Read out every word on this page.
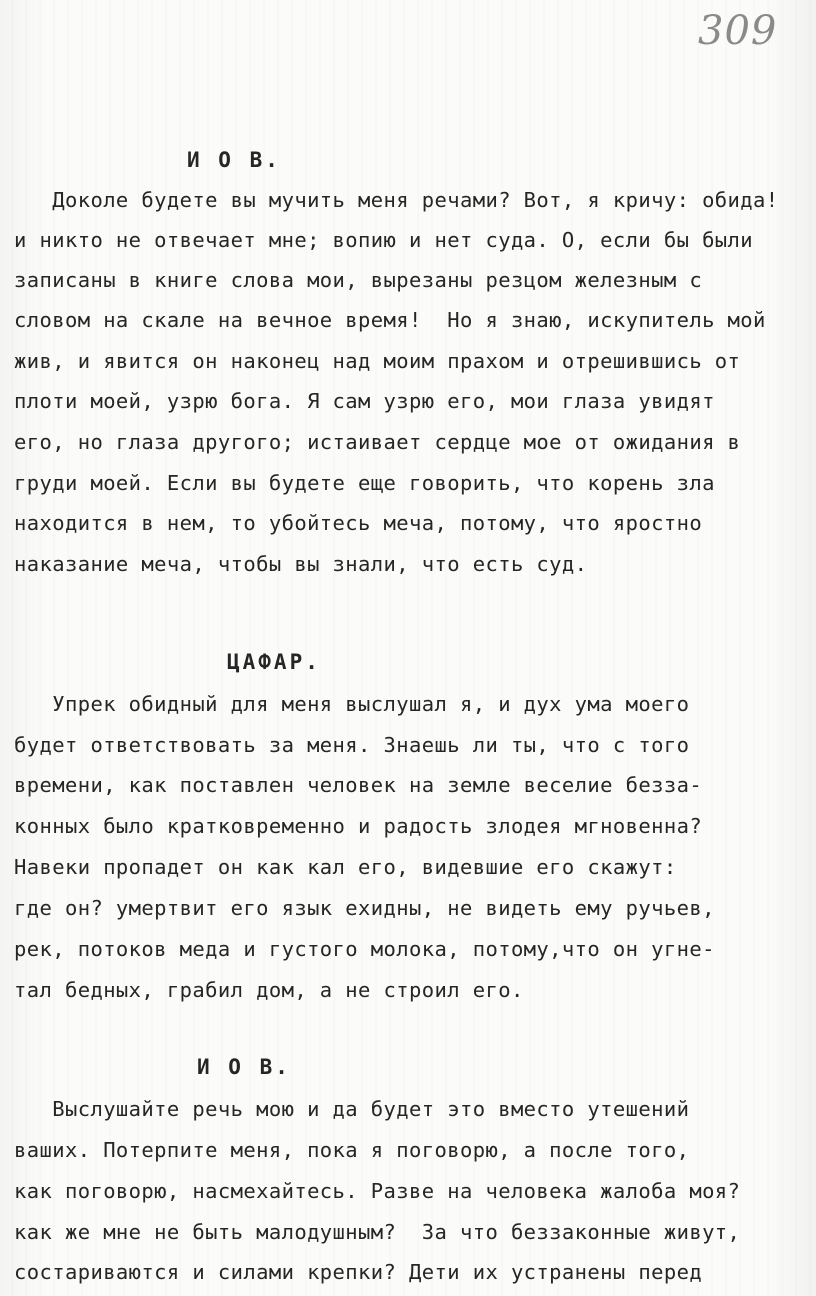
309
И О В.
Доколе будете вы мучить меня речами? Вот, я кричу: обида!
и никто не отвечает мне; вопию и нет суда. О, если бы были
записаны в книге слова мои, вырезаны резцом железным с
словом на скале на вечное время!  Но я знаю, искупитель мой
жив, и явится он наконец над моим прахом и отрешившись от
плоти моей, узрю бога. Я сам узрю его, мои глаза увидят
его, но глаза другого; истаивает сердце мое от ожидания в
груди моей. Если вы будете еще говорить, что корень зла
находится в нем, то убойтесь меча, потому, что яростно
наказание меча, чтобы вы знали, что есть суд.
ЦАФАР.
Упрек обидный для меня выслушал я, и дух ума моего
будет ответствовать за меня. Знаешь ли ты, что с того
времени, как поставлен человек на земле веселие безза-
конных было кратковременно и радость злодея мгновенна?
Навеки пропадет он как кал его, видевшие его скажут:
где он? умертвит его язык ехидны, не видеть ему ручьев,
рек, потоков меда и густого молока, потому,что он угне-
тал бедных, грабил дом, а не строил его.
И О В.
Выслушайте речь мою и да будет это вместо утешений
ваших. Потерпите меня, пока я поговорю, а после того,
как поговорю, насмехайтесь. Разве на человека жалоба моя?
как же мне не быть малодушным?  За что беззаконные живут,
состариваются и силами крепки? Дети их устранены перед
